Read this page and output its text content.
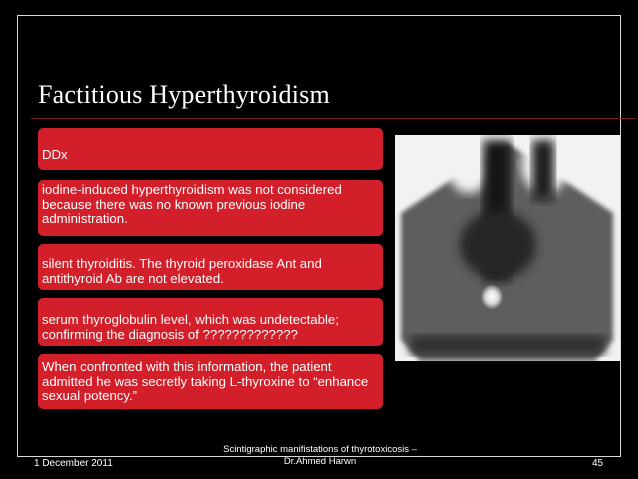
Factitious Hyperthyroidism
DDx
iodine-induced hyperthyroidism was not considered because there was no known previous iodine administration.
silent thyroiditis. The thyroid peroxidase Ant and antithyroid Ab are not elevated.
serum thyroglobulin level, which was undetectable; confirming the diagnosis of ?????????????
When confronted with this information, the patient admitted he was secretly taking L-thyroxine to “enhance sexual potency.”
1 December 2011
Scintigraphic manifistations of thyrotoxicosis –
Dr.Ahmed Harwn	45
